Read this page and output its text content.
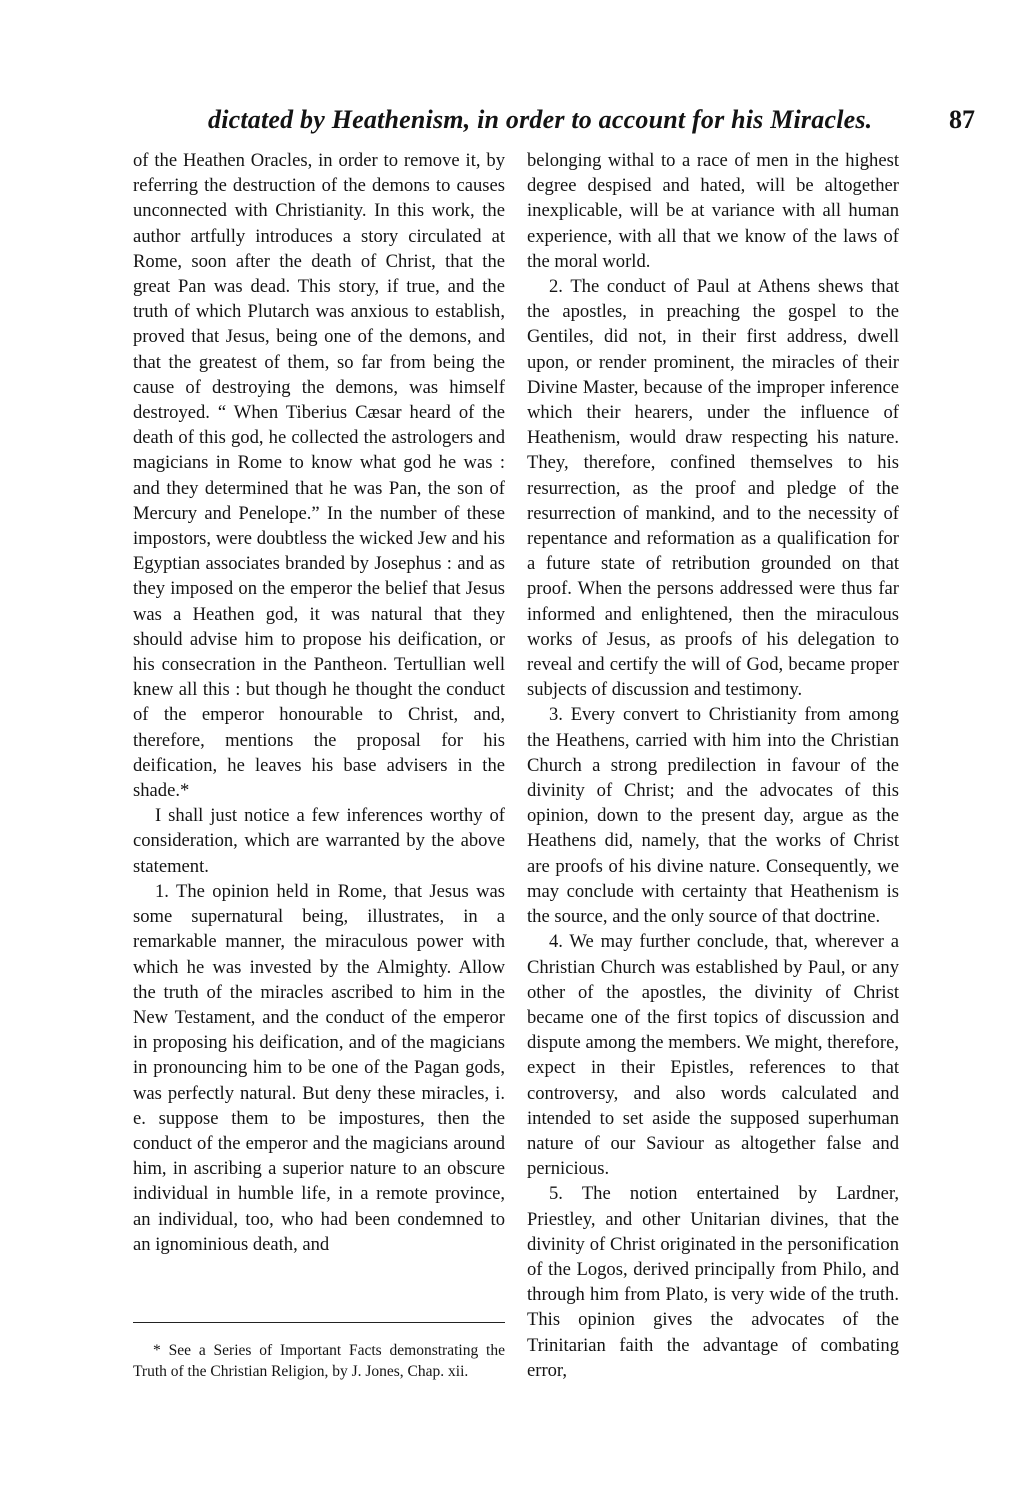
dictated by Heathenism, in order to account for his Miracles.	87

of the Heathen Oracles, in order to remove it, by referring the destruction of the demons to causes unconnected with Christianity. In this work, the author artfully introduces a story circulated at Rome, soon after the death of Christ, that the great Pan was dead. This story, if true, and the truth of which Plutarch was anxious to establish, proved that Jesus, being one of the demons, and that the greatest of them, so far from being the cause of destroying the demons, was himself destroyed. “ When Tiberius Cæsar heard of the death of this god, he collected the astrologers and magicians in Rome to know what god he was : and they determined that he was Pan, the son of Mercury and Penelope.” In the number of these impostors, were doubtless the wicked Jew and his Egyptian associates branded by Josephus : and as they imposed on the emperor the belief that Jesus was a Heathen god, it was natural that they should advise him to propose his deification, or his consecration in the Pantheon. Tertullian well knew all this : but though he thought the conduct of the emperor honourable to Christ, and, therefore, mentions the proposal for his deification, he leaves his base advisers in the shade.*

I shall just notice a few inferences worthy of consideration, which are warranted by the above statement.

1. The opinion held in Rome, that Jesus was some supernatural being, illustrates, in a remarkable manner, the miraculous power with which he was invested by the Almighty. Allow the truth of the miracles ascribed to him in the New Testament, and the conduct of the emperor in proposing his deification, and of the magicians in pronouncing him to be one of the Pagan gods, was perfectly natural. But deny these miracles, i. e. suppose them to be impostures, then the conduct of the emperor and the magicians around him, in ascribing a superior nature to an obscure individual in humble life, in a remote province, an individual, too, who had been condemned to an ignominious death, and

belonging withal to a race of men in the highest degree despised and hated, will be altogether inexplicable, will be at variance with all human experience, with all that we know of the laws of the moral world.

2. The conduct of Paul at Athens shews that the apostles, in preaching the gospel to the Gentiles, did not, in their first address, dwell upon, or render prominent, the miracles of their Divine Master, because of the improper inference which their hearers, under the influence of Heathenism, would draw respecting his nature. They, therefore, confined themselves to his resurrection, as the proof and pledge of the resurrection of mankind, and to the necessity of repentance and reformation as a qualification for a future state of retribution grounded on that proof. When the persons addressed were thus far informed and enlightened, then the miraculous works of Jesus, as proofs of his delegation to reveal and certify the will of God, became proper subjects of discussion and testimony.

3. Every convert to Christianity from among the Heathens, carried with him into the Christian Church a strong predilection in favour of the divinity of Christ; and the advocates of this opinion, down to the present day, argue as the Heathens did, namely, that the works of Christ are proofs of his divine nature. Consequently, we may conclude with certainty that Heathenism is the source, and the only source of that doctrine.

4. We may further conclude, that, wherever a Christian Church was established by Paul, or any other of the apostles, the divinity of Christ became one of the first topics of discussion and dispute among the members. We might, therefore, expect in their Epistles, references to that controversy, and also words calculated and intended to set aside the supposed superhuman nature of our Saviour as altogether false and pernicious.

5. The notion entertained by Lardner, Priestley, and other Unitarian divines, that the divinity of Christ originated in the personification of the Logos, derived principally from Philo, and through him from Plato, is very wide of the truth. This opinion gives the advocates of the Trinitarian faith the advantage of combating error,

* See a Series of Important Facts demonstrating the Truth of the Christian Religion, by J. Jones, Chap. xii.
